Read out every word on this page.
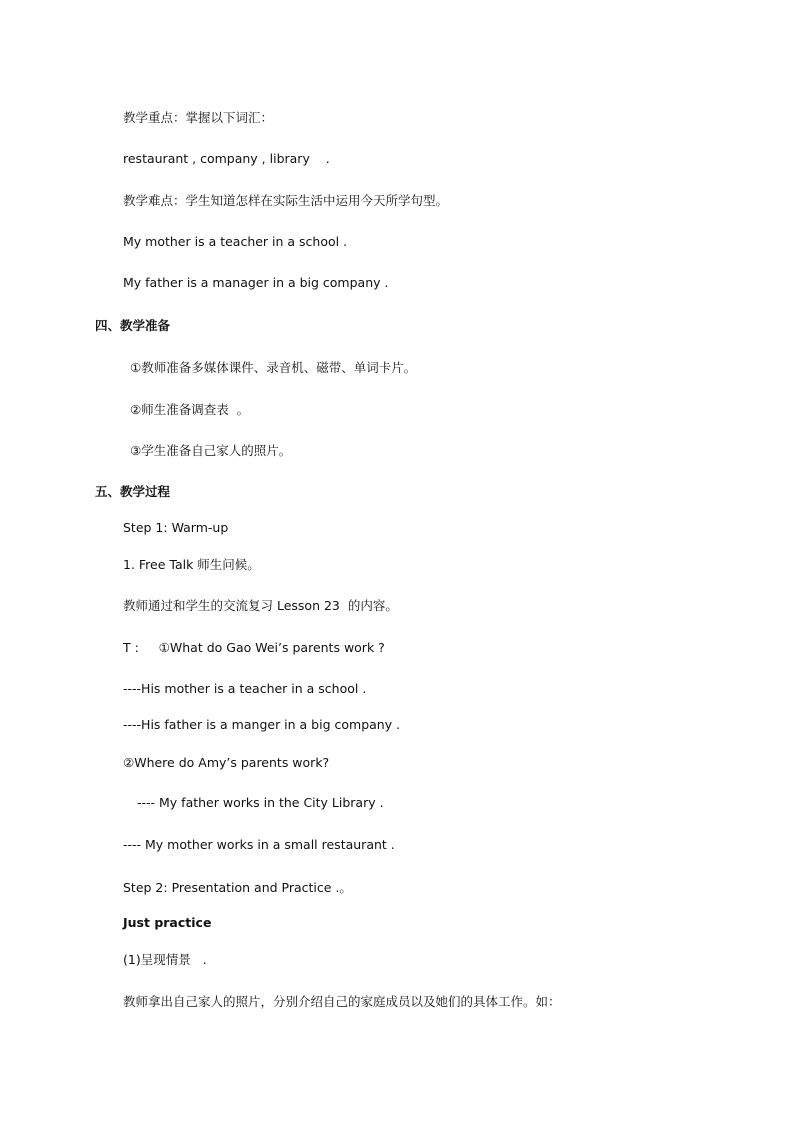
教学重点：掌握以下词汇：
restaurant , company , library    .
教学难点：学生知道怎样在实际生活中运用今天所学句型。
My mother is a teacher in a school .
My father is a manager in a big company .
四、教学准备
①教师准备多媒体课件、录音机、磁带、单词卡片。
②师生准备调查表  。
③学生准备自己家人的照片。
五、教学过程
Step 1: Warm-up
1. Free Talk 师生问候。
教师通过和学生的交流复习 Lesson 23  的内容。
T :     ①What do Gao Wei’s parents work ?
----His mother is a teacher in a school .
----His father is a manger in a big company .
②Where do Amy’s parents work?
---- My father works in the City Library .
---- My mother works in a small restaurant .
Step 2: Presentation and Practice .。
Just practice
(1)呈现情景   .
教师拿出自己家人的照片，分别介绍自己的家庭成员以及她们的具体工作。如：
